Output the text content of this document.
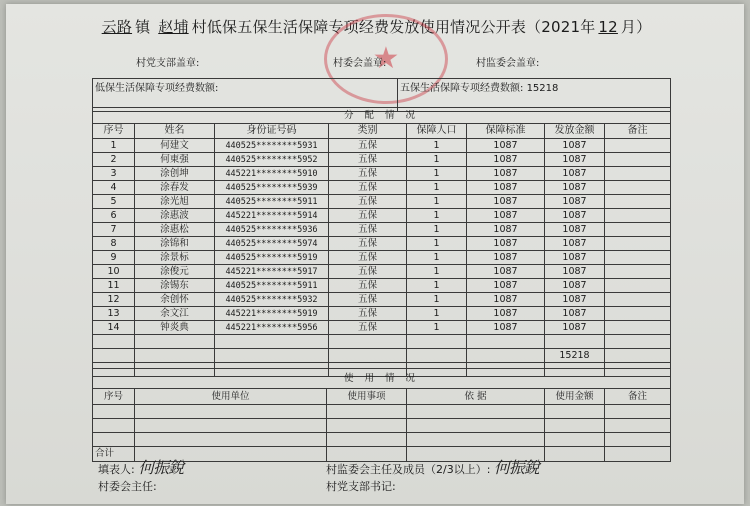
云路 镇 赵埔 村低保五保生活保障专项经费发放使用情况公开表（2021年 12 月）
★
村党支部盖章:	村委会盖章:	村监委会盖章:
低保生活保障专项经费数额:	五保生活保障专项经费数额: 15218
分 配 情 况							
序号	姓名	身份证号码	类别	保障人口	保障标准	发放金额	备注
1	何建文	440525********5931	五保	1	1087	1087	
2	何東强	440525********5952	五保	1	1087	1087	
3	涂创坤	445221********5910	五保	1	1087	1087	
4	涂春发	440525********5939	五保	1	1087	1087	
5	涂光旭	440525********5911	五保	1	1087	1087	
6	涂惠波	445221********5914	五保	1	1087	1087	
7	涂惠松	440525********5936	五保	1	1087	1087	
8	涂锦和	440525********5974	五保	1	1087	1087	
9	涂景标	440525********5919	五保	1	1087	1087	
10	涂俊元	445221********5917	五保	1	1087	1087	
11	涂锡东	440525********5911	五保	1	1087	1087	
12	余创怀	440525********5932	五保	1	1087	1087	
13	余文江	445221********5919	五保	1	1087	1087	
14	钟炎典	445221********5956	五保	1	1087	1087	

						15218	

使 用 情 况					
序号	使用单位	使用事项	依 据	使用金额	备注

合计					
填表人: 何振銳	村监委会主任及成员（2/3以上）: 何振銳
村委会主任:	村党支部书记:
